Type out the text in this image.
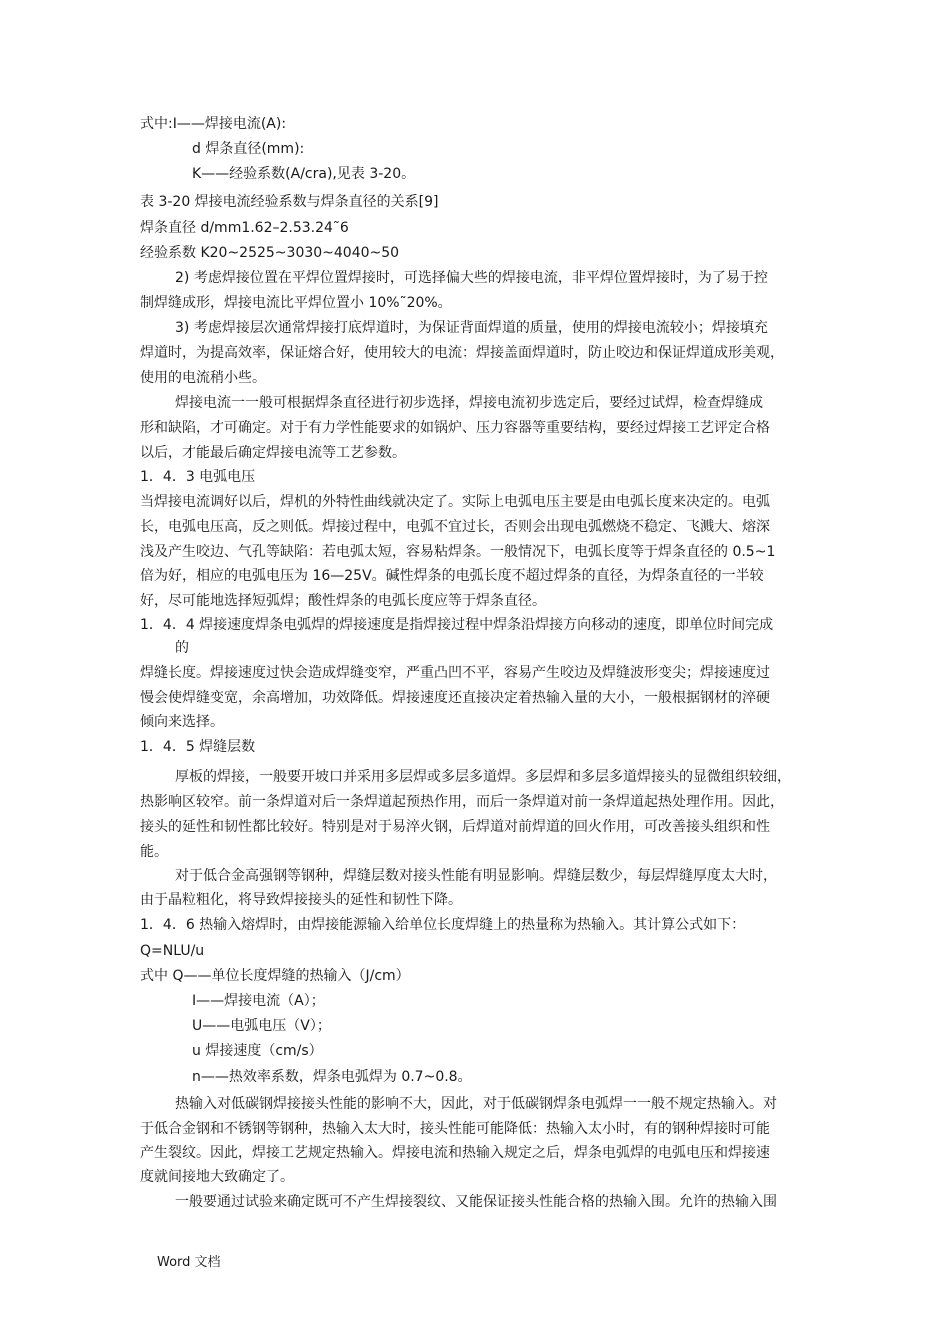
式中:I——焊接电流(A):
d 焊条直径(mm):
K——经验系数(A/cra),见表 3-20。
表 3-20 焊接电流经验系数与焊条直径的关系[9]
焊条直径 d/mm1.62–2.53.24˜6
经验系数 K20~2525~3030~4040~50
2) 考虑焊接位置在平焊位置焊接时，可选择偏大些的焊接电流，非平焊位置焊接时，为了易于控
制焊缝成形，焊接电流比平焊位置小 10%˜20%。
3) 考虑焊接层次通常焊接打底焊道时，为保证背面焊道的质量，使用的焊接电流较小；焊接填充
焊道时，为提高效率，保证熔合好，使用较大的电流：焊接盖面焊道时，防止咬边和保证焊道成形美观，
使用的电流稍小些。
焊接电流一一般可根据焊条直径进行初步选择，焊接电流初步选定后，要经过试焊，检查焊缝成
形和缺陷，才可确定。对于有力学性能要求的如锅炉、压力容器等重要结构，要经过焊接工艺评定合格
以后，才能最后确定焊接电流等工艺参数。
1．4．3 电弧电压
当焊接电流调好以后，焊机的外特性曲线就决定了。实际上电弧电压主要是由电弧长度来决定的。电弧
长，电弧电压高，反之则低。焊接过程中，电弧不宜过长，否则会出现电弧燃烧不稳定、飞溅大、熔深
浅及产生咬边、气孔等缺陷：若电弧太短，容易粘焊条。一般情况下，电弧长度等于焊条直径的 0.5~1
倍为好，相应的电弧电压为 16—25V。碱性焊条的电弧长度不超过焊条的直径，为焊条直径的一半较
好，尽可能地选择短弧焊；酸性焊条的电弧长度应等于焊条直径。
1．4．4 焊接速度焊条电弧焊的焊接速度是指焊接过程中焊条沿焊接方向移动的速度，即单位时间完成
的
焊缝长度。焊接速度过快会造成焊缝变窄，严重凸凹不平，容易产生咬边及焊缝波形变尖；焊接速度过
慢会使焊缝变宽，余高增加，功效降低。焊接速度还直接决定着热输入量的大小，一般根据钢材的淬硬
倾向来选择。
1．4．5 焊缝层数
厚板的焊接，一般要开坡口并采用多层焊或多层多道焊。多层焊和多层多道焊接头的显微组织较细，
热影响区较窄。前一条焊道对后一条焊道起预热作用，而后一条焊道对前一条焊道起热处理作用。因此，
接头的延性和韧性都比较好。特别是对于易淬火钢，后焊道对前焊道的回火作用，可改善接头组织和性
能。
对于低合金高强钢等钢种，焊缝层数对接头性能有明显影响。焊缝层数少，每层焊缝厚度太大时，
由于晶粒粗化，将导致焊接接头的延性和韧性下降。
1．4．6 热输入熔焊时，由焊接能源输入给单位长度焊缝上的热量称为热输入。其计算公式如下：
Q=NLU/u
式中 Q——单位长度焊缝的热输入（J/cm）
I——焊接电流（A）；
U——电弧电压（V）；
u 焊接速度（cm/s）
n——热效率系数，焊条电弧焊为 0.7~0.8。
热输入对低碳钢焊接接头性能的影响不大，因此，对于低碳钢焊条电弧焊一一般不规定热输入。对
于低合金钢和不锈钢等钢种，热输入太大时，接头性能可能降低：热输入太小时，有的钢种焊接时可能
产生裂纹。因此，焊接工艺规定热输入。焊接电流和热输入规定之后，焊条电弧焊的电弧电压和焊接速
度就间接地大致确定了。
一般要通过试验来确定既可不产生焊接裂纹、又能保证接头性能合格的热输入围。允许的热输入围
Word 文档
